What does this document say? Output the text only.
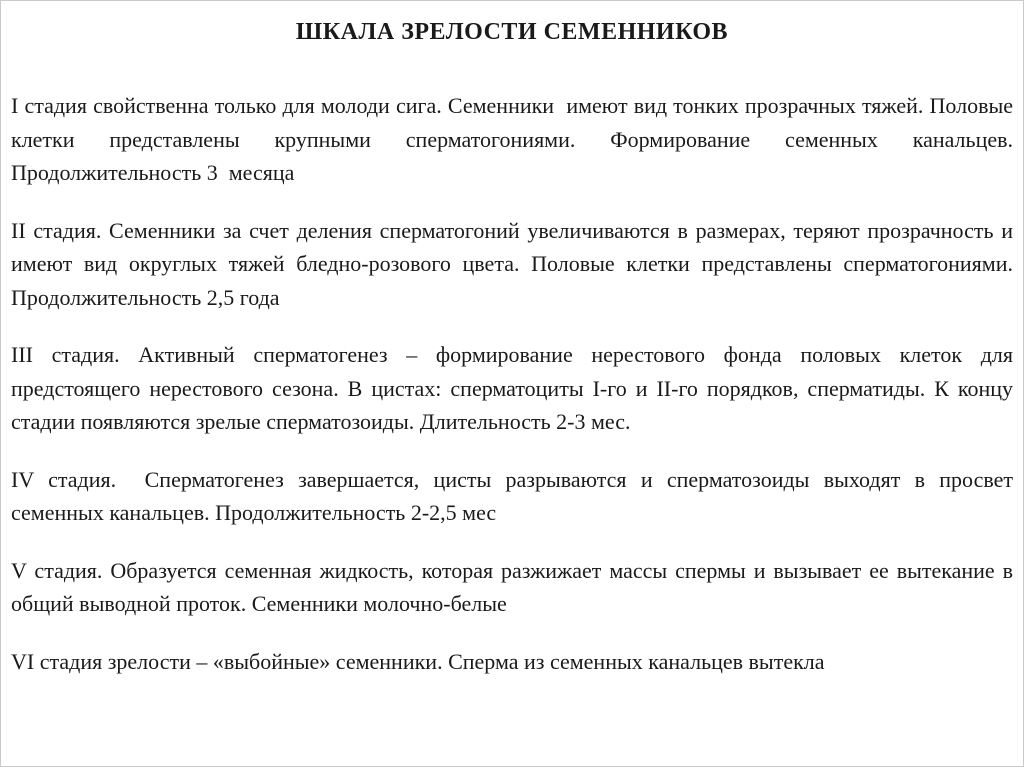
ШКАЛА ЗРЕЛОСТИ СЕМЕННИКОВ

I стадия свойственна только для молоди сига. Семенники  имеют вид тонких прозрачных тяжей. Половые клетки представлены крупными сперматогониями. Формирование семенных канальцев. Продолжительность 3  месяца

II стадия. Семенники за счет деления сперматогоний увеличиваются в размерах, теряют прозрачность и имеют вид округлых тяжей бледно-розового цвета. Половые клетки представлены сперматогониями. Продолжительность 2,5 года

III стадия. Активный сперматогенез – формирование нерестового фонда половых клеток для предстоящего нерестового сезона. В цистах: сперматоциты I-го и II-го порядков, сперматиды. К концу стадии появляются зрелые сперматозоиды. Длительность 2-3 мес.

IV стадия.  Сперматогенез завершается, цисты разрываются и сперматозоиды выходят в просвет семенных канальцев. Продолжительность 2-2,5 мес

V стадия. Образуется семенная жидкость, которая разжижает массы спермы и вызывает ее вытекание в общий выводной проток. Семенники молочно-белые

VI стадия зрелости – «выбойные» семенники. Сперма из семенных канальцев вытекла
